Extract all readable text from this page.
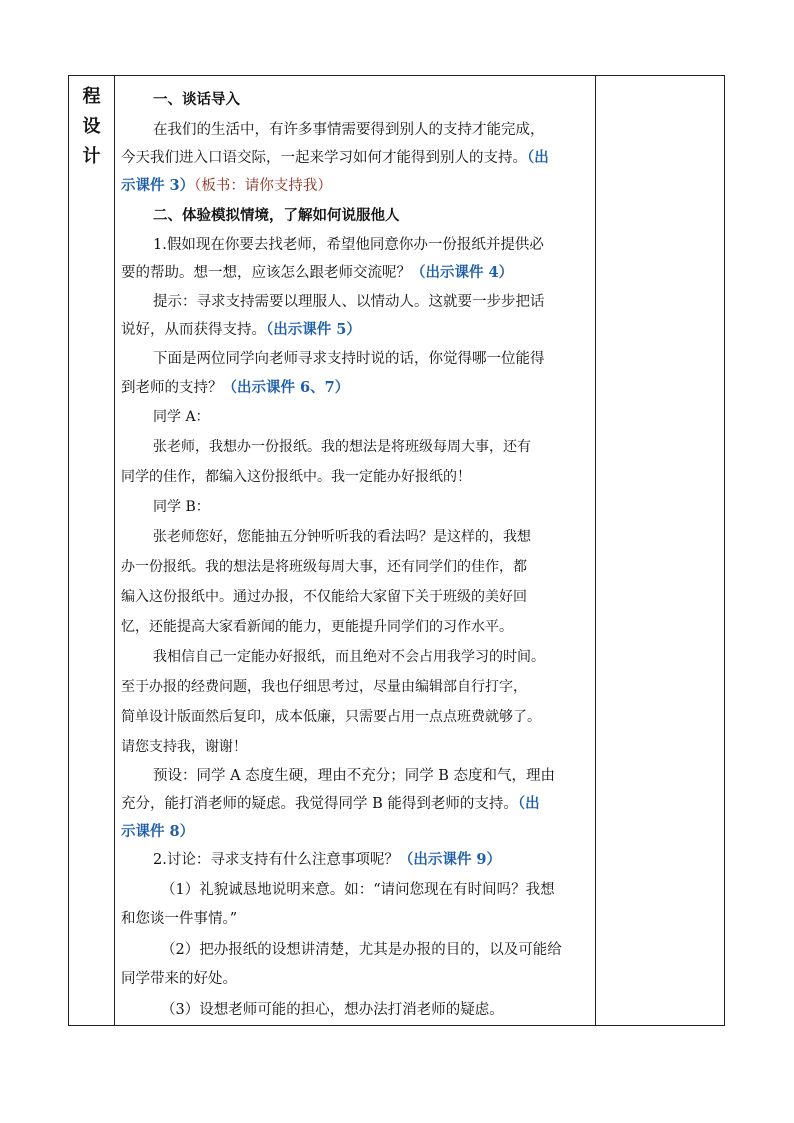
程
设
计
一、谈话导入
在我们的生活中，有许多事情需要得到别人的支持才能完成，
今天我们进入口语交际，一起来学习如何才能得到别人的支持。（出
示课件 3）（板书：请你支持我）
二、体验模拟情境，了解如何说服他人
1.假如现在你要去找老师，希望他同意你办一份报纸并提供必
要的帮助。想一想，应该怎么跟老师交流呢？（出示课件 4）
提示：寻求支持需要以理服人、以情动人。这就要一步步把话
说好，从而获得支持。（出示课件 5）
下面是两位同学向老师寻求支持时说的话，你觉得哪一位能得
到老师的支持？（出示课件 6、7）
同学 A：
张老师，我想办一份报纸。我的想法是将班级每周大事，还有
同学的佳作，都编入这份报纸中。我一定能办好报纸的！
同学 B：
张老师您好，您能抽五分钟听听我的看法吗？是这样的，我想
办一份报纸。我的想法是将班级每周大事，还有同学们的佳作，都
编入这份报纸中。通过办报，不仅能给大家留下关于班级的美好回
忆，还能提高大家看新闻的能力，更能提升同学们的习作水平。
我相信自己一定能办好报纸，而且绝对不会占用我学习的时间。
至于办报的经费问题，我也仔细思考过，尽量由编辑部自行打字，
简单设计版面然后复印，成本低廉，只需要占用一点点班费就够了。
请您支持我，谢谢！
预设：同学 A 态度生硬，理由不充分；同学 B 态度和气，理由
充分，能打消老师的疑虑。我觉得同学 B 能得到老师的支持。（出
示课件 8）
2.讨论：寻求支持有什么注意事项呢？（出示课件 9）
（1）礼貌诚恳地说明来意。如：“请问您现在有时间吗？我想
和您谈一件事情。”
（2）把办报纸的设想讲清楚，尤其是办报的目的，以及可能给
同学带来的好处。
（3）设想老师可能的担心，想办法打消老师的疑虑。
